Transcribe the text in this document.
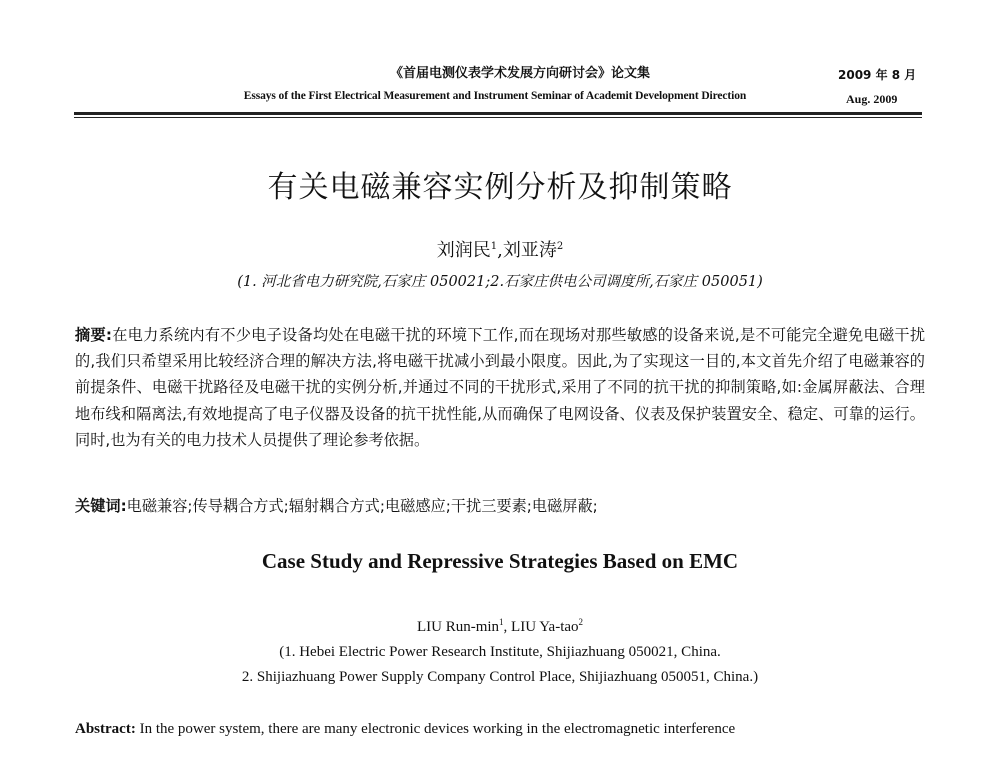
《首届电测仪表学术发展方向研讨会》论文集
Essays of the First Electrical Measurement and Instrument Seminar of Academit Development Direction
2009 年 8 月
Aug. 2009
有关电磁兼容实例分析及抑制策略
刘润民$^1$,刘亚涛$^2$
(1. 河北省电力研究院,石家庄 050021;2.石家庄供电公司调度所,石家庄 050051)
摘要:在电力系统内有不少电子设备均处在电磁干扰的环境下工作,而在现场对那些敏感的设备来说,是不可能完全避免电磁干扰的,我们只希望采用比较经济合理的解决方法,将电磁干扰减小到最小限度。因此,为了实现这一目的,本文首先介绍了电磁兼容的前提条件、电磁干扰路径及电磁干扰的实例分析,并通过不同的干扰形式,采用了不同的抗干扰的抑制策略,如:金属屏蔽法、合理地布线和隔离法,有效地提高了电子仪器及设备的抗干扰性能,从而确保了电网设备、仪表及保护装置安全、稳定、可靠的运行。同时,也为有关的电力技术人员提供了理论参考依据。
关键词:电磁兼容;传导耦合方式;辐射耦合方式;电磁感应;干扰三要素;电磁屏蔽;
Case Study and Repressive Strategies Based on EMC
LIU Run-$\min^1$, LIU Ya-tao$^2$
(1. Hebei Electric Power Research Institute, Shijiazhuang 050021, China.
2. Shijiazhuang Power Supply Company Control Place, Shijiazhuang 050051, China.)
Abstract: In the power system, there are many electronic devices working in the electromagnetic interference
